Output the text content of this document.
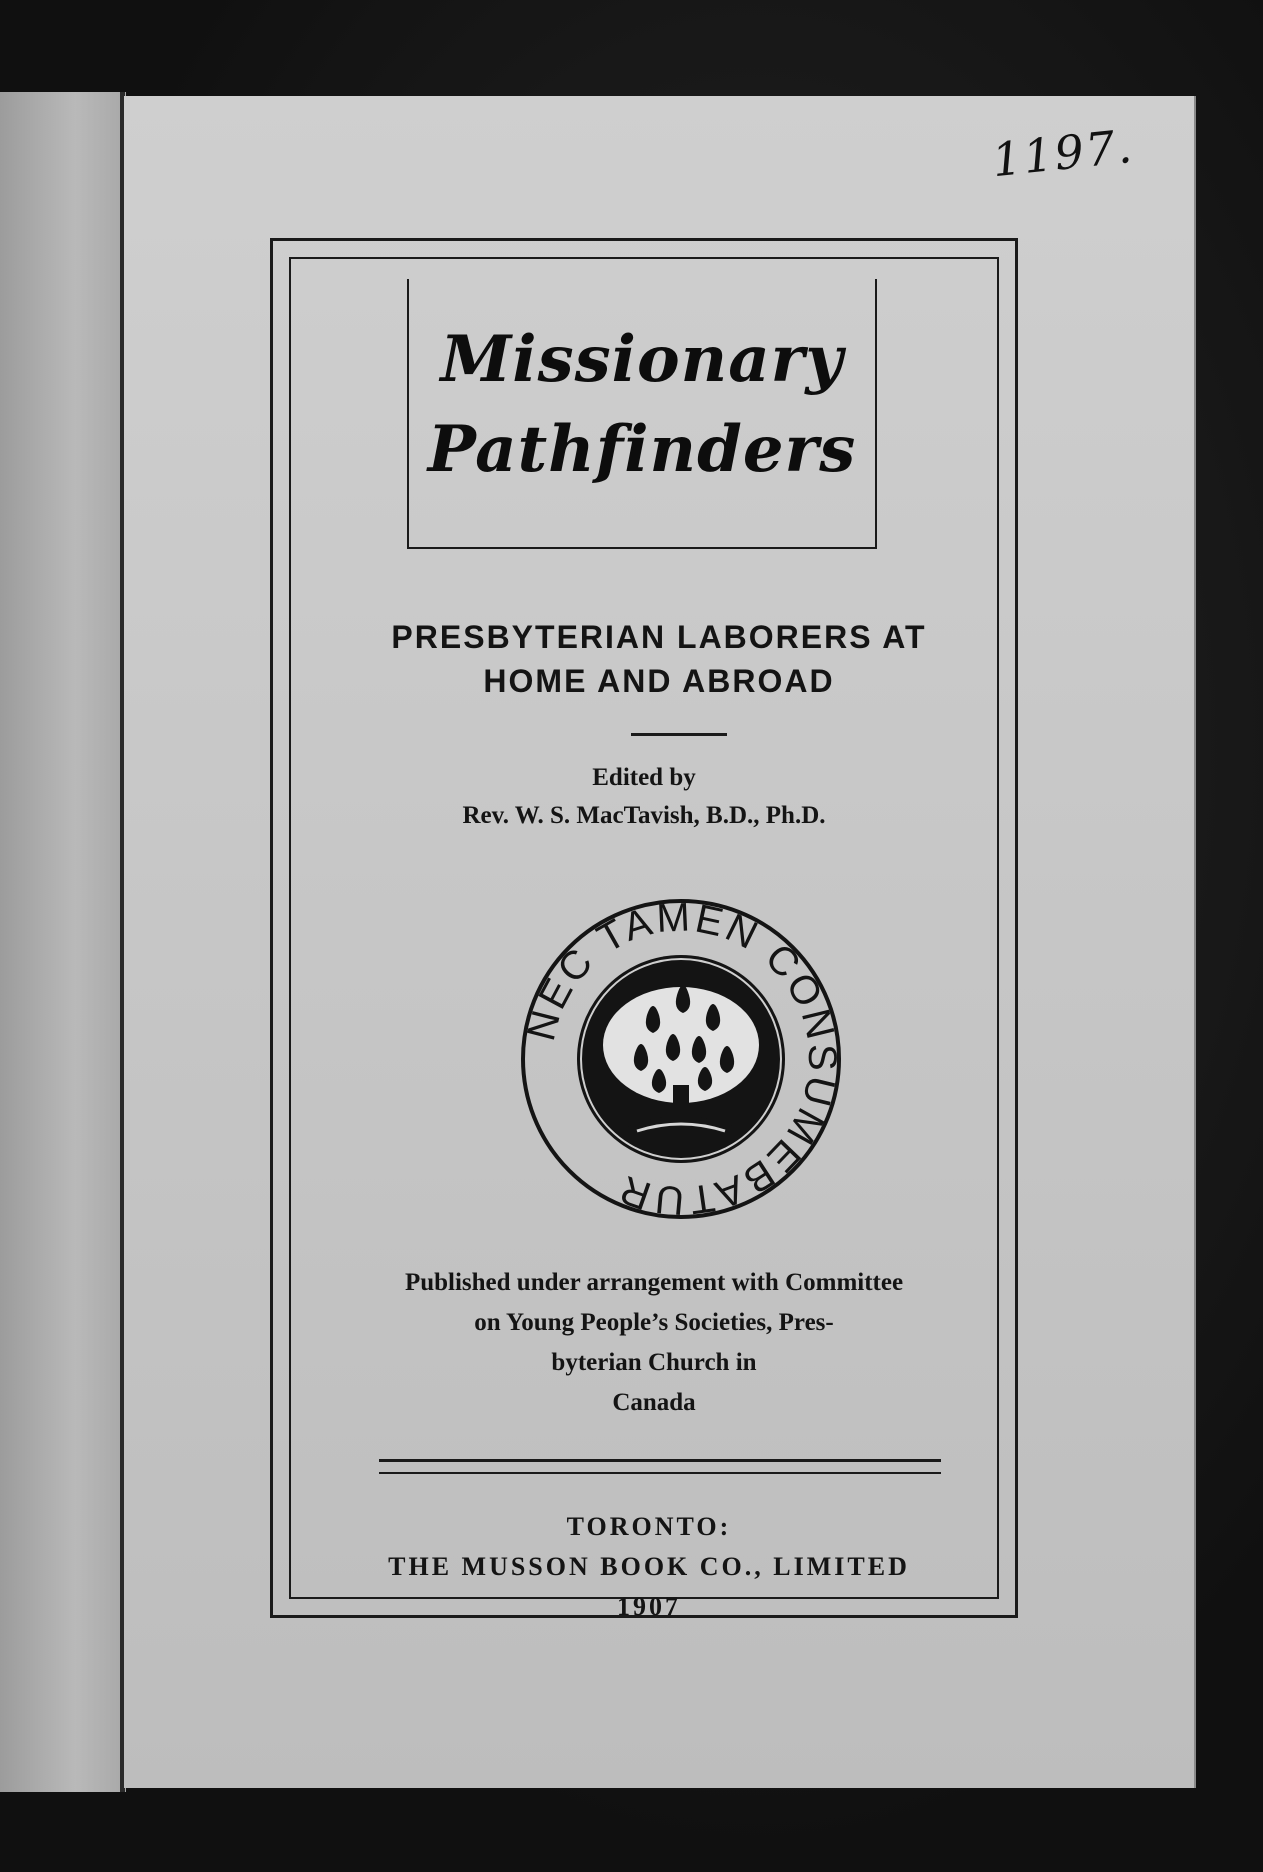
1197.
Missionary
Pathfinders
PRESBYTERIAN LABORERS AT
HOME AND ABROAD
Edited by
Rev. W. S. MacTavish, B.D., Ph.D.
NEC TAMEN CONSUMEBATUR
Published under arrangement with Committee
on Young People’s Societies, Pres-
byterian Church in
Canada
TORONTO:
THE MUSSON BOOK CO., LIMITED
1907
